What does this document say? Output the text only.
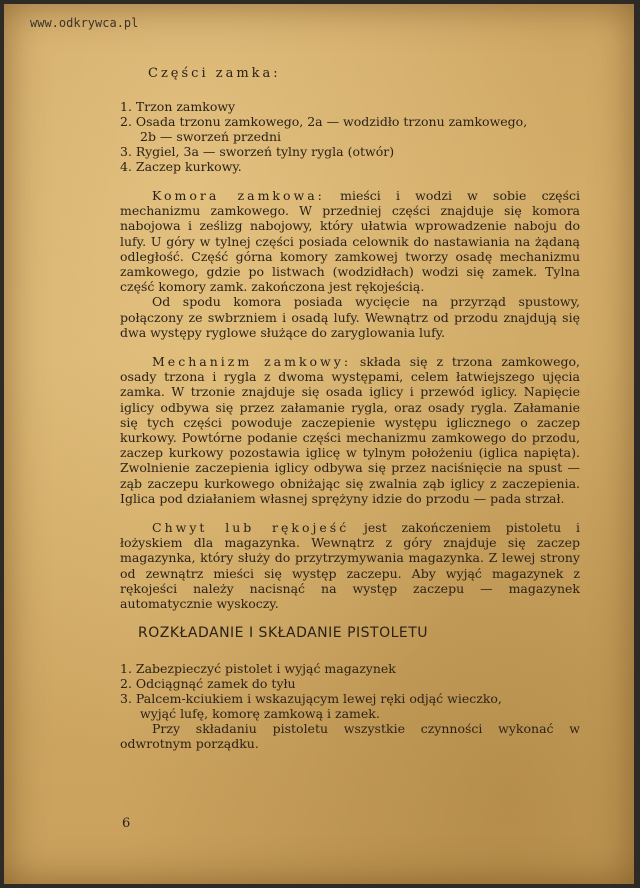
www.odkrywca.pl
Części zamka:
1. Trzon zamkowy
2. Osada trzonu zamkowego, 2a — wodzidło trzonu zamkowego,
2b — sworzeń przedni
3. Rygiel, 3a — sworzeń tylny rygla (otwór)
4. Zaczep kurkowy.

Komora zamkowa: mieści i wodzi w sobie części mechanizmu zamkowego. W przedniej części znajduje się komora nabojowa i ześlizg nabojowy, który ułatwia wprowadzenie naboju do lufy. U góry w tylnej części posiada celownik do nastawiania na żądaną odległość. Część górna komory zamkowej tworzy osadę mechanizmu zamkowego, gdzie po listwach (wodzidłach) wodzi się zamek. Tylna część komory zamk. zakończona jest rękojeścią.

Od spodu komora posiada wycięcie na przyrząd spustowy, połączony ze swbrzniem i osadą lufy. Wewnątrz od przodu znajdują się dwa występy ryglowe służące do zaryglowania lufy.

Mechanizm zamkowy: składa się z trzona zamkowego, osady trzona i rygla z dwoma występami, celem łatwiejszego ujęcia zamka. W trzonie znajduje się osada iglicy i przewód iglicy. Napięcie iglicy odbywa się przez załamanie rygla, oraz osady rygla. Załamanie się tych części powoduje zaczepienie występu iglicznego o zaczep kurkowy. Powtórne podanie części mechanizmu zamkowego do przodu, zaczep kurkowy pozostawia iglicę w tylnym położeniu (iglica napięta). Zwolnienie zaczepienia iglicy odbywa się przez naciśnięcie na spust — ząb zaczepu kurkowego obniżając się zwalnia ząb iglicy z zaczepienia. Iglica pod działaniem własnej sprężyny idzie do przodu — pada strzał.

Chwyt lub rękojeść jest zakończeniem pistoletu i łożyskiem dla magazynka. Wewnątrz z góry znajduje się zaczep magazynka, który służy do przytrzymywania magazynka. Z lewej strony od zewnątrz mieści się występ zaczepu. Aby wyjąć magazynek z rękojeści należy nacisnąć na występ zaczepu — magazynek automatycznie wyskoczy.

ROZKŁADANIE I SKŁADANIE PISTOLETU
1. Zabezpieczyć pistolet i wyjąć magazynek
2. Odciągnąć zamek do tyłu
3. Palcem-kciukiem i wskazującym lewej ręki odjąć wieczko,
wyjąć lufę, komorę zamkową i zamek.

Przy składaniu pistoletu wszystkie czynności wykonać w odwrotnym porządku.

6
